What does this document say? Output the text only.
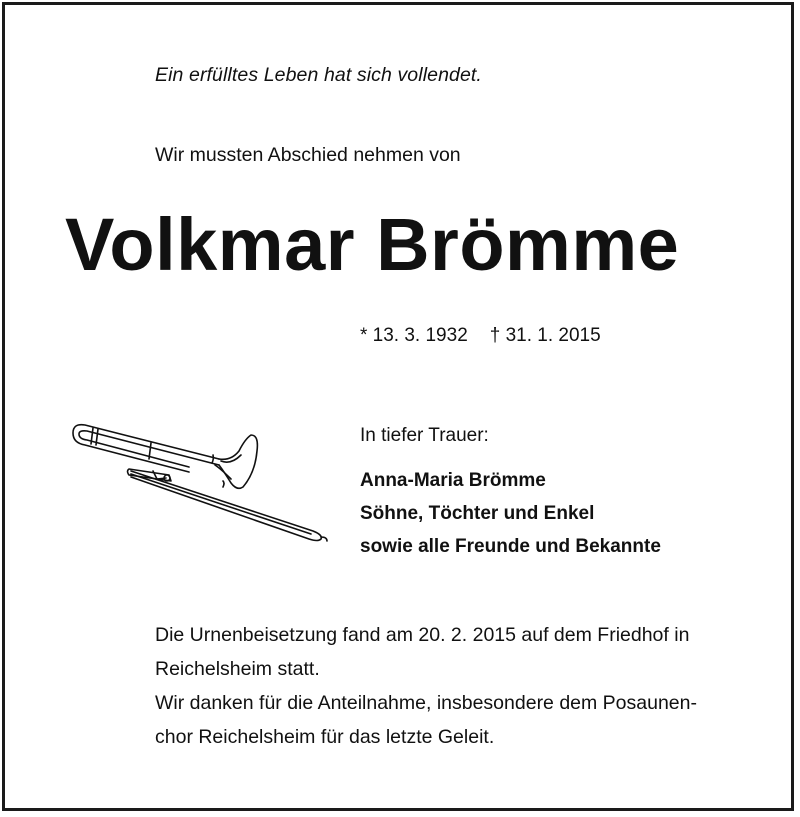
Ein erfülltes Leben hat sich vollendet.
Wir mussten Abschied nehmen von
Volkmar Brömme
* 13. 3. 1932 † 31. 1. 2015
In tiefer Trauer:
Anna-Maria Brömme
Söhne, Töchter und Enkel
sowie alle Freunde und Bekannte
Die Urnenbeisetzung fand am 20. 2. 2015 auf dem Friedhof in
Reichelsheim statt.
Wir danken für die Anteilnahme, insbesondere dem Posaunen-
chor Reichelsheim für das letzte Geleit.
